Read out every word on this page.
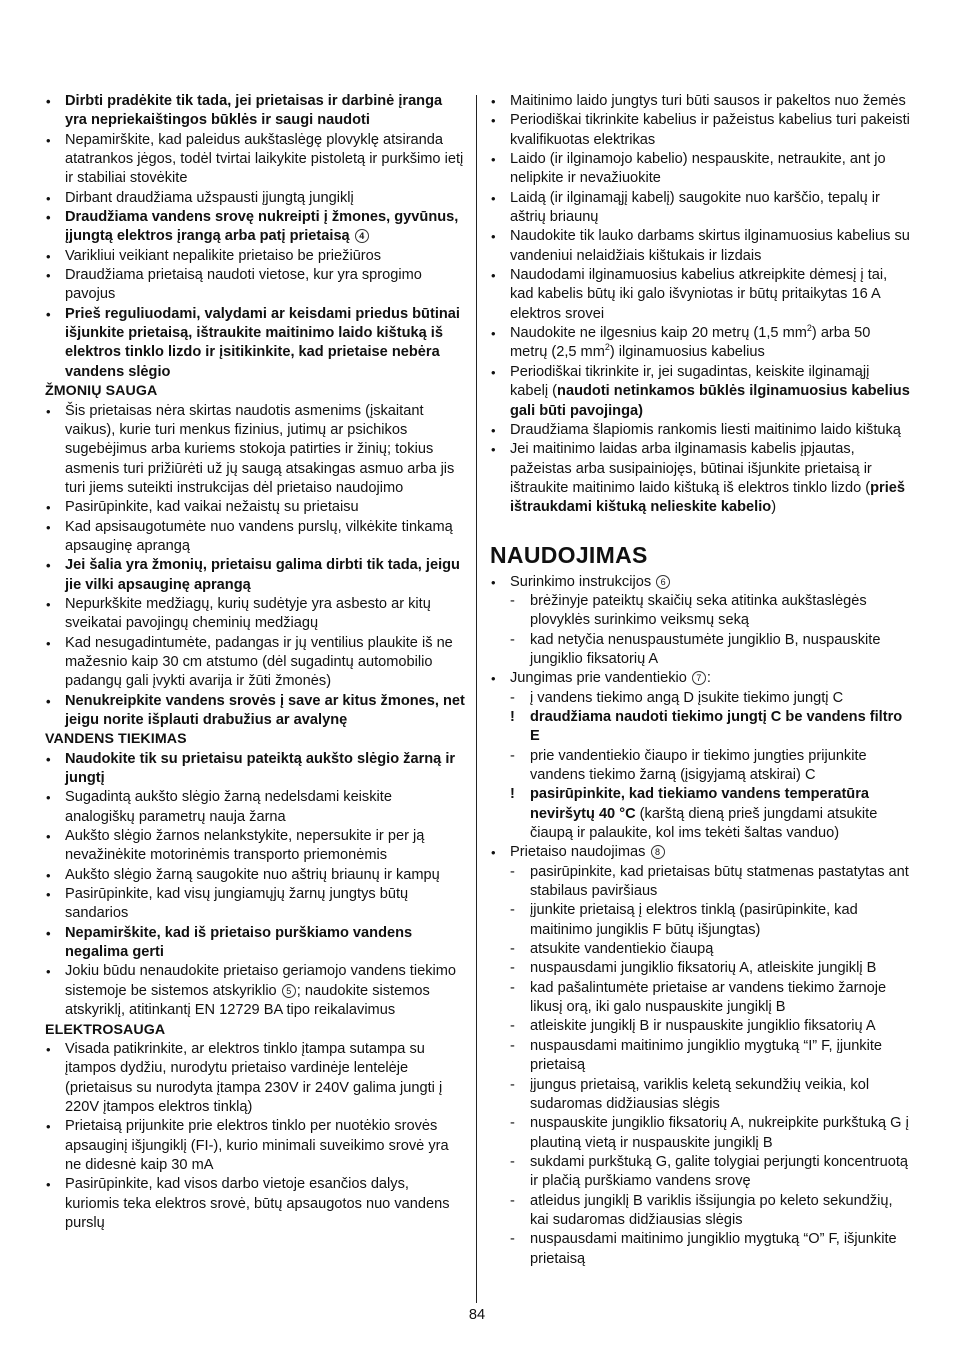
• Dirbti pradėkite tik tada, jei prietaisas ir darbinė įranga yra nepriekaištingos būklės ir saugi naudoti
• Nepamirškite, kad paleidus aukštaslėgę plovyklę atsiranda atatrankos jėgos, todėl tvirtai laikykite pistoletą ir purkšimo ietį ir stabiliai stovėkite
• Dirbant draudžiama užspausti įjungtą jungiklį
• Draudžiama vandens srovę nukreipti į žmones, gyvūnus, įjungtą elektros įrangą arba patį prietaisą 4
• Varikliui veikiant nepalikite prietaiso be priežiūros
• Draudžiama prietaisą naudoti vietose, kur yra sprogimo pavojus
• Prieš reguliuodami, valydami ar keisdami priedus būtinai išjunkite prietaisą, ištraukite maitinimo laido kištuką iš elektros tinklo lizdo ir įsitikinkite, kad prietaise nebėra vandens slėgio
ŽMONIŲ SAUGA
• Šis prietaisas nėra skirtas naudotis asmenims (įskaitant vaikus), kurie turi menkus fizinius, jutimų ar psichikos sugebėjimus arba kuriems stokoja patirties ir žinių; tokius asmenis turi prižiūrėti už jų saugą atsakingas asmuo arba jis turi jiems suteikti instrukcijas dėl prietaiso naudojimo
• Pasirūpinkite, kad vaikai nežaistų su prietaisu
• Kad apsisaugotumėte nuo vandens purslų, vilkėkite tinkamą apsauginę aprangą
• Jei šalia yra žmonių, prietaisu galima dirbti tik tada, jeigu jie vilki apsauginę aprangą
• Nepurkškite medžiagų, kurių sudėtyje yra asbesto ar kitų sveikatai pavojingų cheminių medžiagų
• Kad nesugadintumėte, padangas ir jų ventilius plaukite iš ne mažesnio kaip 30 cm atstumo (dėl sugadintų automobilio padangų gali įvykti avarija ir žūti žmonės)
• Nenukreipkite vandens srovės į save ar kitus žmones, net jeigu norite išplauti drabužius ar avalynę
VANDENS TIEKIMAS
• Naudokite tik su prietaisu pateiktą aukšto slėgio žarną ir jungtį
• Sugadintą aukšto slėgio žarną nedelsdami keiskite analogiškų parametrų nauja žarna
• Aukšto slėgio žarnos nelankstykite, nepersukite ir per ją nevažinėkite motorinėmis transporto priemonėmis
• Aukšto slėgio žarną saugokite nuo aštrių briaunų ir kampų
• Pasirūpinkite, kad visų jungiamųjų žarnų jungtys būtų sandarios
• Nepamirškite, kad iš prietaiso purškiamo vandens negalima gerti
• Jokiu būdu nenaudokite prietaiso geriamojo vandens tiekimo sistemoje be sistemos atskyriklio 5 ; naudokite sistemos atskyriklį, atitinkantį EN 12729 BA tipo reikalavimus
ELEKTROSAUGA
• Visada patikrinkite, ar elektros tinklo įtampa sutampa su įtampos dydžiu, nurodytu prietaiso vardinėje lentelėje (prietaisus su nurodyta įtampa 230V ir 240V galima jungti į 220V įtampos elektros tinklą)
• Prietaisą prijunkite prie elektros tinklo per nuotėkio srovės apsauginį išjungiklį (FI-), kurio minimali suveikimo srovė yra ne didesnė kaip 30 mA
• Pasirūpinkite, kad visos darbo vietoje esančios dalys, kuriomis teka elektros srovė, būtų apsaugotos nuo vandens purslų
• Maitinimo laido jungtys turi būti sausos ir pakeltos nuo žemės
• Periodiškai tikrinkite kabelius ir pažeistus kabelius turi pakeisti kvalifikuotas elektrikas
• Laido (ir ilginamojo kabelio) nespauskite, netraukite, ant jo nelipkite ir nevažiuokite
• Laidą (ir ilginamąjį kabelį) saugokite nuo karščio, tepalų ir aštrių briaunų
• Naudokite tik lauko darbams skirtus ilginamuosius kabelius su vandeniui nelaidžiais kištukais ir lizdais
• Naudodami ilginamuosius kabelius atkreipkite dėmesį į tai, kad kabelis būtų iki galo išvyniotas ir būtų pritaikytas 16 A elektros srovei
• Naudokite ne ilgesnius kaip 20 metrų (1,5 $mm^2$) arba 50 metrų (2,5 $mm^2$) ilginamuosius kabelius
• Periodiškai tikrinkite ir, jei sugadintas, keiskite ilginamąjį kabelį (naudoti netinkamos būklės ilginamuosius kabelius gali būti pavojinga)
• Draudžiama šlapiomis rankomis liesti maitinimo laido kištuką
• Jei maitinimo laidas arba ilginamasis kabelis įpjautas, pažeistas arba susipainiojęs, būtinai išjunkite prietaisą ir ištraukite maitinimo laido kištuką iš elektros tinklo lizdo (prieš ištraukdami kištuką nelieskite kabelio)
NAUDOJIMAS
• Surinkimo instrukcijos 6
-	brėžinyje pateiktų skaičių seka atitinka aukštaslėgės plovyklės surinkimo veiksmų seką
-	kad netyčia nenuspaustumėte jungiklio B, nuspauskite jungiklio fiksatorių A
• Jungimas prie vandentiekio 7 :
-	į vandens tiekimo angą D įsukite tiekimo jungtį C
!	draudžiama naudoti tiekimo jungtį C be vandens filtro E
-	prie vandentiekio čiaupo ir tiekimo jungties prijunkite vandens tiekimo žarną (įsigyjamą atskirai) C
!	pasirūpinkite, kad tiekiamo vandens temperatūra neviršytų 40 °C (karštą dieną prieš jungdami atsukite čiaupą ir palaukite, kol ims tekėti šaltas vanduo)
• Prietaiso naudojimas 8
-	pasirūpinkite, kad prietaisas būtų statmenas pastatytas ant stabilaus paviršiaus
-	įjunkite prietaisą į elektros tinklą (pasirūpinkite, kad maitinimo jungiklis F būtų išjungtas)
-	atsukite vandentiekio čiaupą
-	nuspausdami jungiklio fiksatorių A, atleiskite jungiklį B
-	kad pašalintumėte prietaise ar vandens tiekimo žarnoje likusį orą, iki galo nuspauskite jungiklį B
-	atleiskite jungiklį B ir nuspauskite jungiklio fiksatorių A
-	nuspausdami maitinimo jungiklio mygtuką “I” F, įjunkite prietaisą
-	įjungus prietaisą, variklis keletą sekundžių veikia, kol sudaromas didžiausias slėgis
-	nuspauskite jungiklio fiksatorių A, nukreipkite purkštuką G į plautiną vietą ir nuspauskite jungiklį B
-	sukdami purkštuką G, galite tolygiai perjungti koncentruotą ir plačią purškiamo vandens srovę
-	atleidus jungiklį B variklis išsijungia po keleto sekundžių, kai sudaromas didžiausias slėgis
-	nuspausdami maitinimo jungiklio mygtuką “O” F, išjunkite prietaisą
84
